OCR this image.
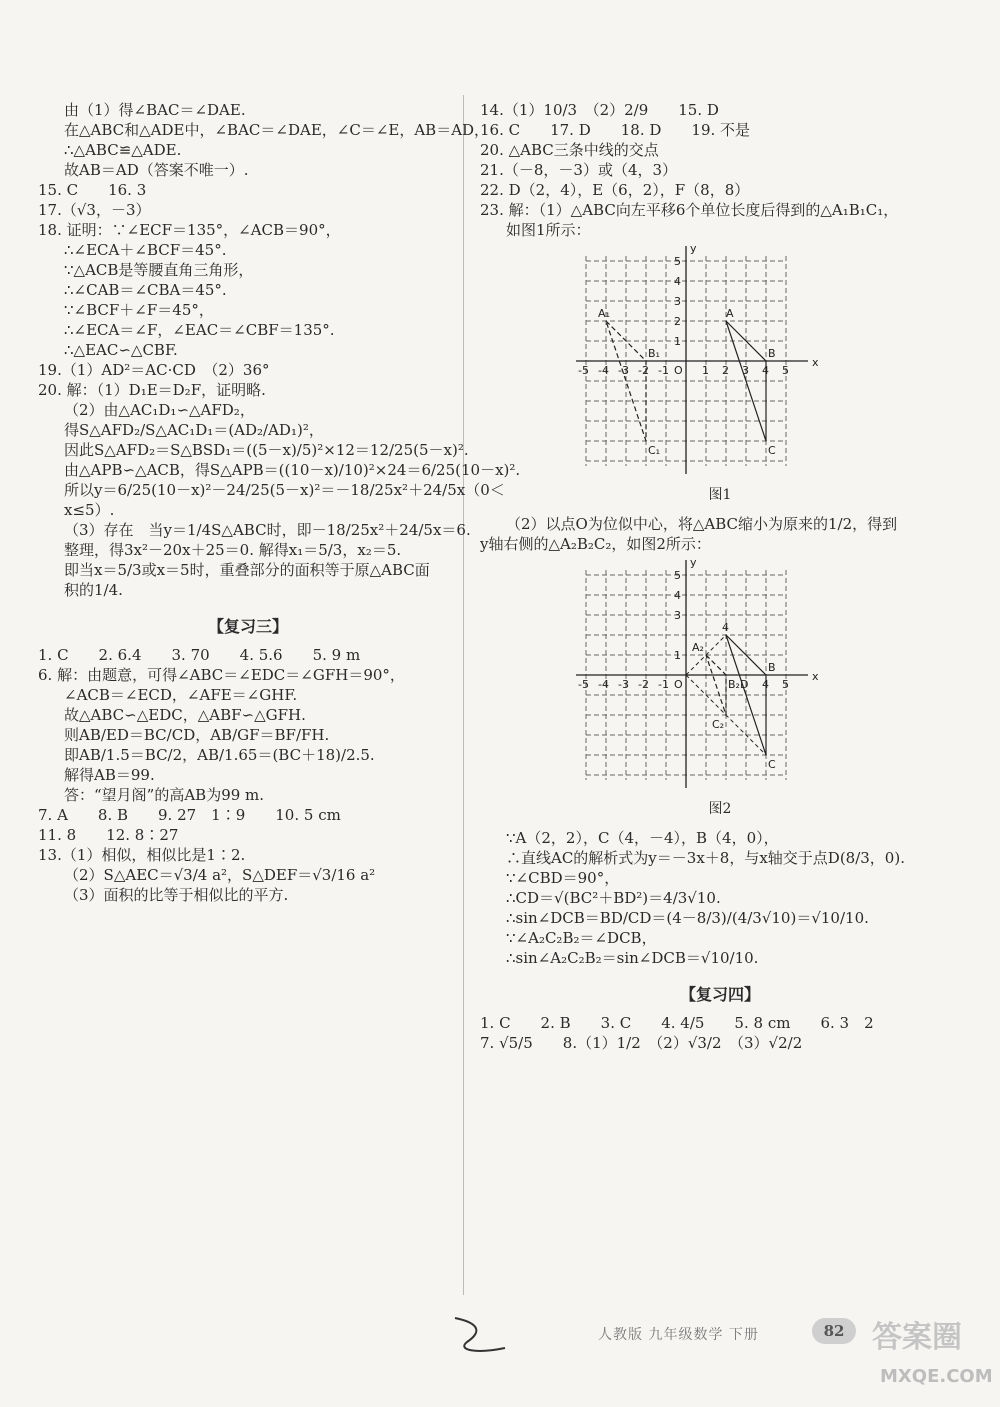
由（1）得∠BAC＝∠DAE.

在△ABC和△ADE中，∠BAC＝∠DAE，∠C＝∠E，AB＝AD，

∴△ABC≌△ADE.

故AB＝AD（答案不唯一）.

15. C　　16. 3

17.（√3，－3）

18. 证明：∵∠ECF＝135°，∠ACB＝90°，

∴∠ECA＋∠BCF＝45°.

∵△ACB是等腰直角三角形，

∴∠CAB＝∠CBA＝45°.

∵∠BCF＋∠F＝45°，

∴∠ECA＝∠F，∠EAC＝∠CBF＝135°.

∴△EAC∽△CBF.

19.（1）AD²＝AC·CD　（2）36°

20. 解：（1）D₁E＝D₂F，证明略.

（2）由△AC₁D₁∽△AFD₂，

得S△AFD₂/S△AC₁D₁＝(AD₂/AD₁)²，

因此S△AFD₂＝S△BSD₁＝((5－x)/5)²×12＝12/25(5－x)².

由△APB∽△ACB，得S△APB＝((10－x)/10)²×24＝6/25(10－x)².

所以y＝6/25(10－x)²－24/25(5－x)²＝－18/25x²＋24/5x（0＜

x≤5）.

（3）存在　当y＝1/4S△ABC时，即－18/25x²＋24/5x＝6.

整理，得3x²－20x＋25＝0. 解得x₁＝5/3，x₂＝5.

即当x＝5/3或x＝5时，重叠部分的面积等于原△ABC面

积的1/4.

【复习三】

1. C　　2. 6.4　　3. 70　　4. 5.6　　5. 9 m

6. 解：由题意，可得∠ABC＝∠EDC＝∠GFH＝90°，

∠ACB＝∠ECD，∠AFE＝∠GHF.

故△ABC∽△EDC，△ABF∽△GFH.

则AB/ED＝BC/CD，AB/GF＝BF/FH.

即AB/1.5＝BC/2，AB/1.65＝(BC＋18)/2.5.

解得AB＝99.

答：“望月阁”的高AB为99 m.

7. A　　8. B　　9. 27　1∶9　　10. 5 cm

11. 8　　12. 8∶27

13.（1）相似，相似比是1∶2.

（2）S△AEC＝√3/4 a²，S△DEF＝√3/16 a²

（3）面积的比等于相似比的平方.

14.（1）10/3　（2）2/9　　15. D

16. C　　17. D　　18. D　　19. 不是

20. △ABC三条中线的交点

21.（－8，－3）或（4，3）

22. D（2，4），E（6，2），F（8，8）

23. 解：（1）△ABC向左平移6个单位长度后得到的△A₁B₁C₁，

如图1所示：

x
y
O
A
B
C
A₁
B₁
C₁
-5 -4 -3 -2 -1	1 2 3 4 5
5
4
3
2
1
图1

（2）以点O为位似中心，将△ABC缩小为原来的1/2，得到

y轴右侧的△A₂B₂C₂，如图2所示：

x
y
O
4
B
C
A₂
B₂
C₂
D
-5 -4 -3 -2 -1	4 5
5
4
3
1
图2

∵A（2，2），C（4，－4），B（4，0），

∴直线AC的解析式为y＝－3x＋8，与x轴交于点D(8/3，0).

∵∠CBD＝90°，

∴CD＝√(BC²＋BD²)＝4/3√10.

∴sin∠DCB＝BD/CD＝(4－8/3)/(4/3√10)＝√10/10.

∵∠A₂C₂B₂＝∠DCB，

∴sin∠A₂C₂B₂＝sin∠DCB＝√10/10.

【复习四】

1. C　　2. B　　3. C　　4. 4/5　　5. 8 cm　　6. 3　2

7. √5/5　　8.（1）1/2　（2）√3/2　（3）√2/2

人教版 九年级数学 下册	82 答案圈
MXQE.COM
